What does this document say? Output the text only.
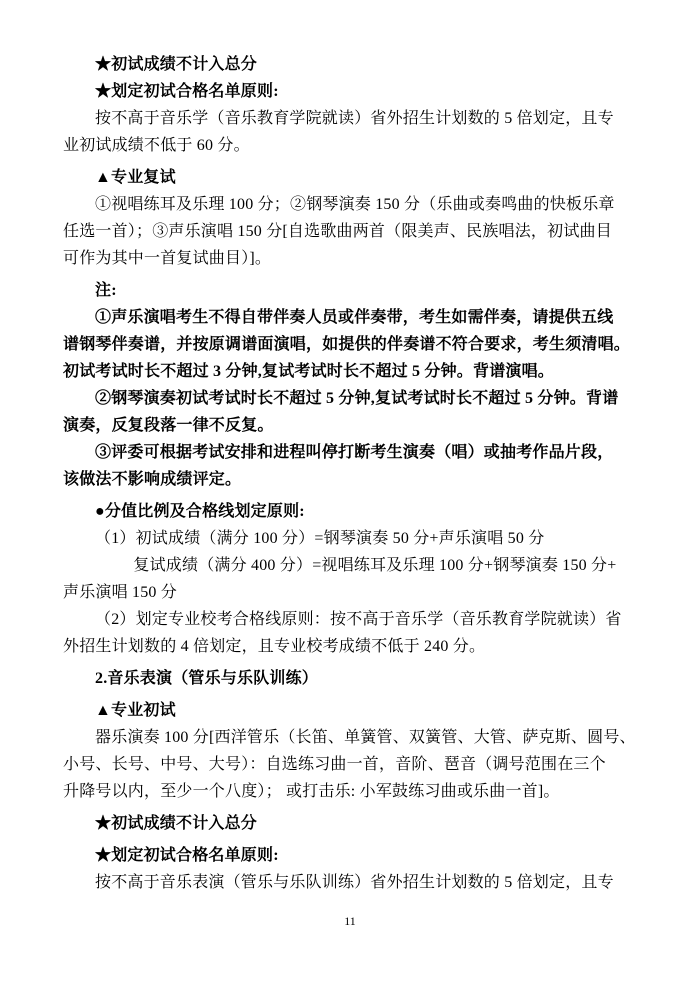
★初试成绩不计入总分
★划定初试合格名单原则:
按不高于音乐学（音乐教育学院就读）省外招生计划数的 5 倍划定，且专
业初试成绩不低于 60 分。
▲专业复试
①视唱练耳及乐理 100 分；②钢琴演奏 150 分（乐曲或奏鸣曲的快板乐章
任选一首）；③声乐演唱 150 分[自选歌曲两首（限美声、民族唱法，初试曲目
可作为其中一首复试曲目）]。
注:
①声乐演唱考生不得自带伴奏人员或伴奏带，考生如需伴奏，请提供五线
谱钢琴伴奏谱，并按原调谱面演唱，如提供的伴奏谱不符合要求，考生须清唱。
初试考试时长不超过 3 分钟,复试考试时长不超过 5 分钟。背谱演唱。
②钢琴演奏初试考试时长不超过 5 分钟,复试考试时长不超过 5 分钟。背谱
演奏，反复段落一律不反复。
③评委可根据考试安排和进程叫停打断考生演奏（唱）或抽考作品片段，
该做法不影响成绩评定。
●分值比例及合格线划定原则:
（1）初试成绩（满分 100 分）=钢琴演奏 50 分+声乐演唱 50 分
复试成绩（满分 400 分）=视唱练耳及乐理 100 分+钢琴演奏 150 分+
声乐演唱 150 分
（2）划定专业校考合格线原则：按不高于音乐学（音乐教育学院就读）省
外招生计划数的 4 倍划定，且专业校考成绩不低于 240 分。
2.音乐表演（管乐与乐队训练）
▲专业初试
器乐演奏 100 分[西洋管乐（长笛、单簧管、双簧管、大管、萨克斯、圆号、
小号、长号、中号、大号）：自选练习曲一首，音阶、琶音（调号范围在三个
升降号以内，至少一个八度）； 或打击乐: 小军鼓练习曲或乐曲一首]。
★初试成绩不计入总分
★划定初试合格名单原则:
按不高于音乐表演（管乐与乐队训练）省外招生计划数的 5 倍划定，且专
11
